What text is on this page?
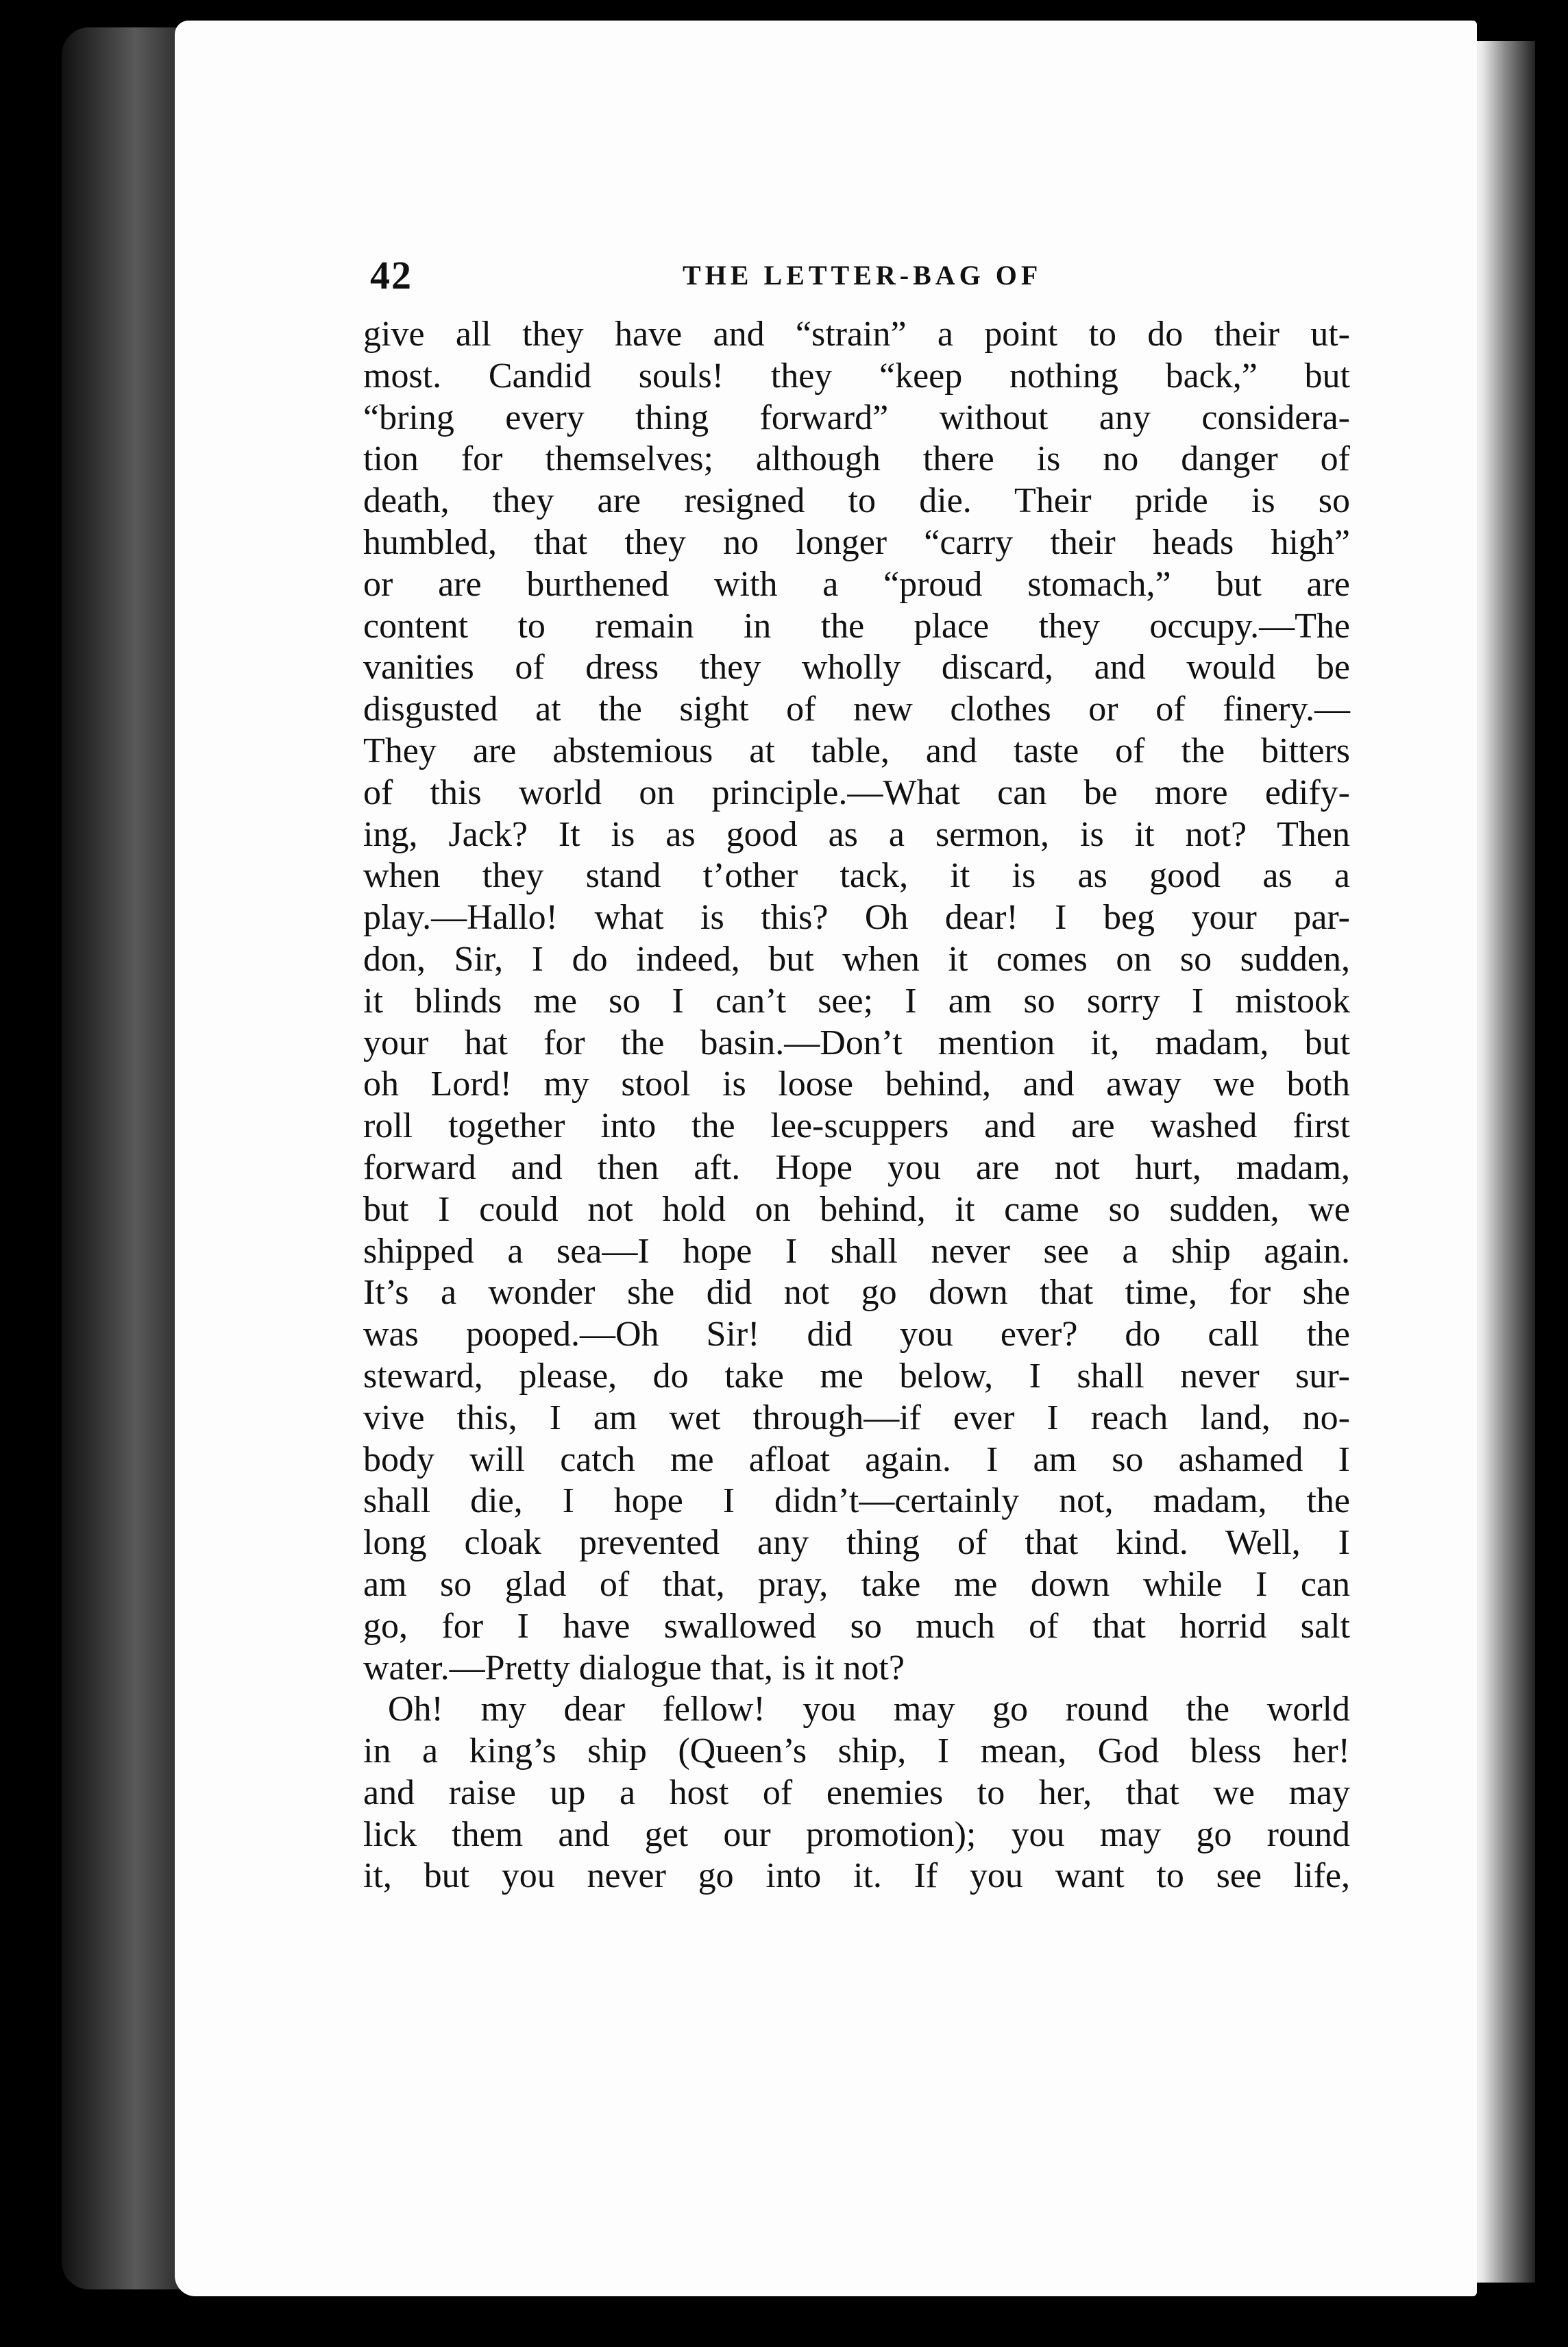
42	THE LETTER-BAG OF
give all they have and “strain” a point to do their ut-
most. Candid souls! they “keep nothing back,” but
“bring every thing forward” without any considera-
tion for themselves; although there is no danger of
death, they are resigned to die. Their pride is so
humbled, that they no longer “carry their heads high”
or are burthened with a “proud stomach,” but are
content to remain in the place they occupy.—The
vanities of dress they wholly discard, and would be
disgusted at the sight of new clothes or of finery.—
They are abstemious at table, and taste of the bitters
of this world on principle.—What can be more edify-
ing, Jack? It is as good as a sermon, is it not? Then
when they stand t’other tack, it is as good as a
play.—Hallo! what is this? Oh dear! I beg your par-
don, Sir, I do indeed, but when it comes on so sudden,
it blinds me so I can’t see; I am so sorry I mistook
your hat for the basin.—Don’t mention it, madam, but
oh Lord! my stool is loose behind, and away we both
roll together into the lee-scuppers and are washed first
forward and then aft. Hope you are not hurt, madam,
but I could not hold on behind, it came so sudden, we
shipped a sea—I hope I shall never see a ship again.
It’s a wonder she did not go down that time, for she
was pooped.—Oh Sir! did you ever? do call the
steward, please, do take me below, I shall never sur-
vive this, I am wet through—if ever I reach land, no-
body will catch me afloat again. I am so ashamed I
shall die, I hope I didn’t—certainly not, madam, the
long cloak prevented any thing of that kind. Well, I
am so glad of that, pray, take me down while I can
go, for I have swallowed so much of that horrid salt
water.—Pretty dialogue that, is it not?
Oh! my dear fellow! you may go round the world
in a king’s ship (Queen’s ship, I mean, God bless her!
and raise up a host of enemies to her, that we may
lick them and get our promotion); you may go round
it, but you never go into it. If you want to see life,
